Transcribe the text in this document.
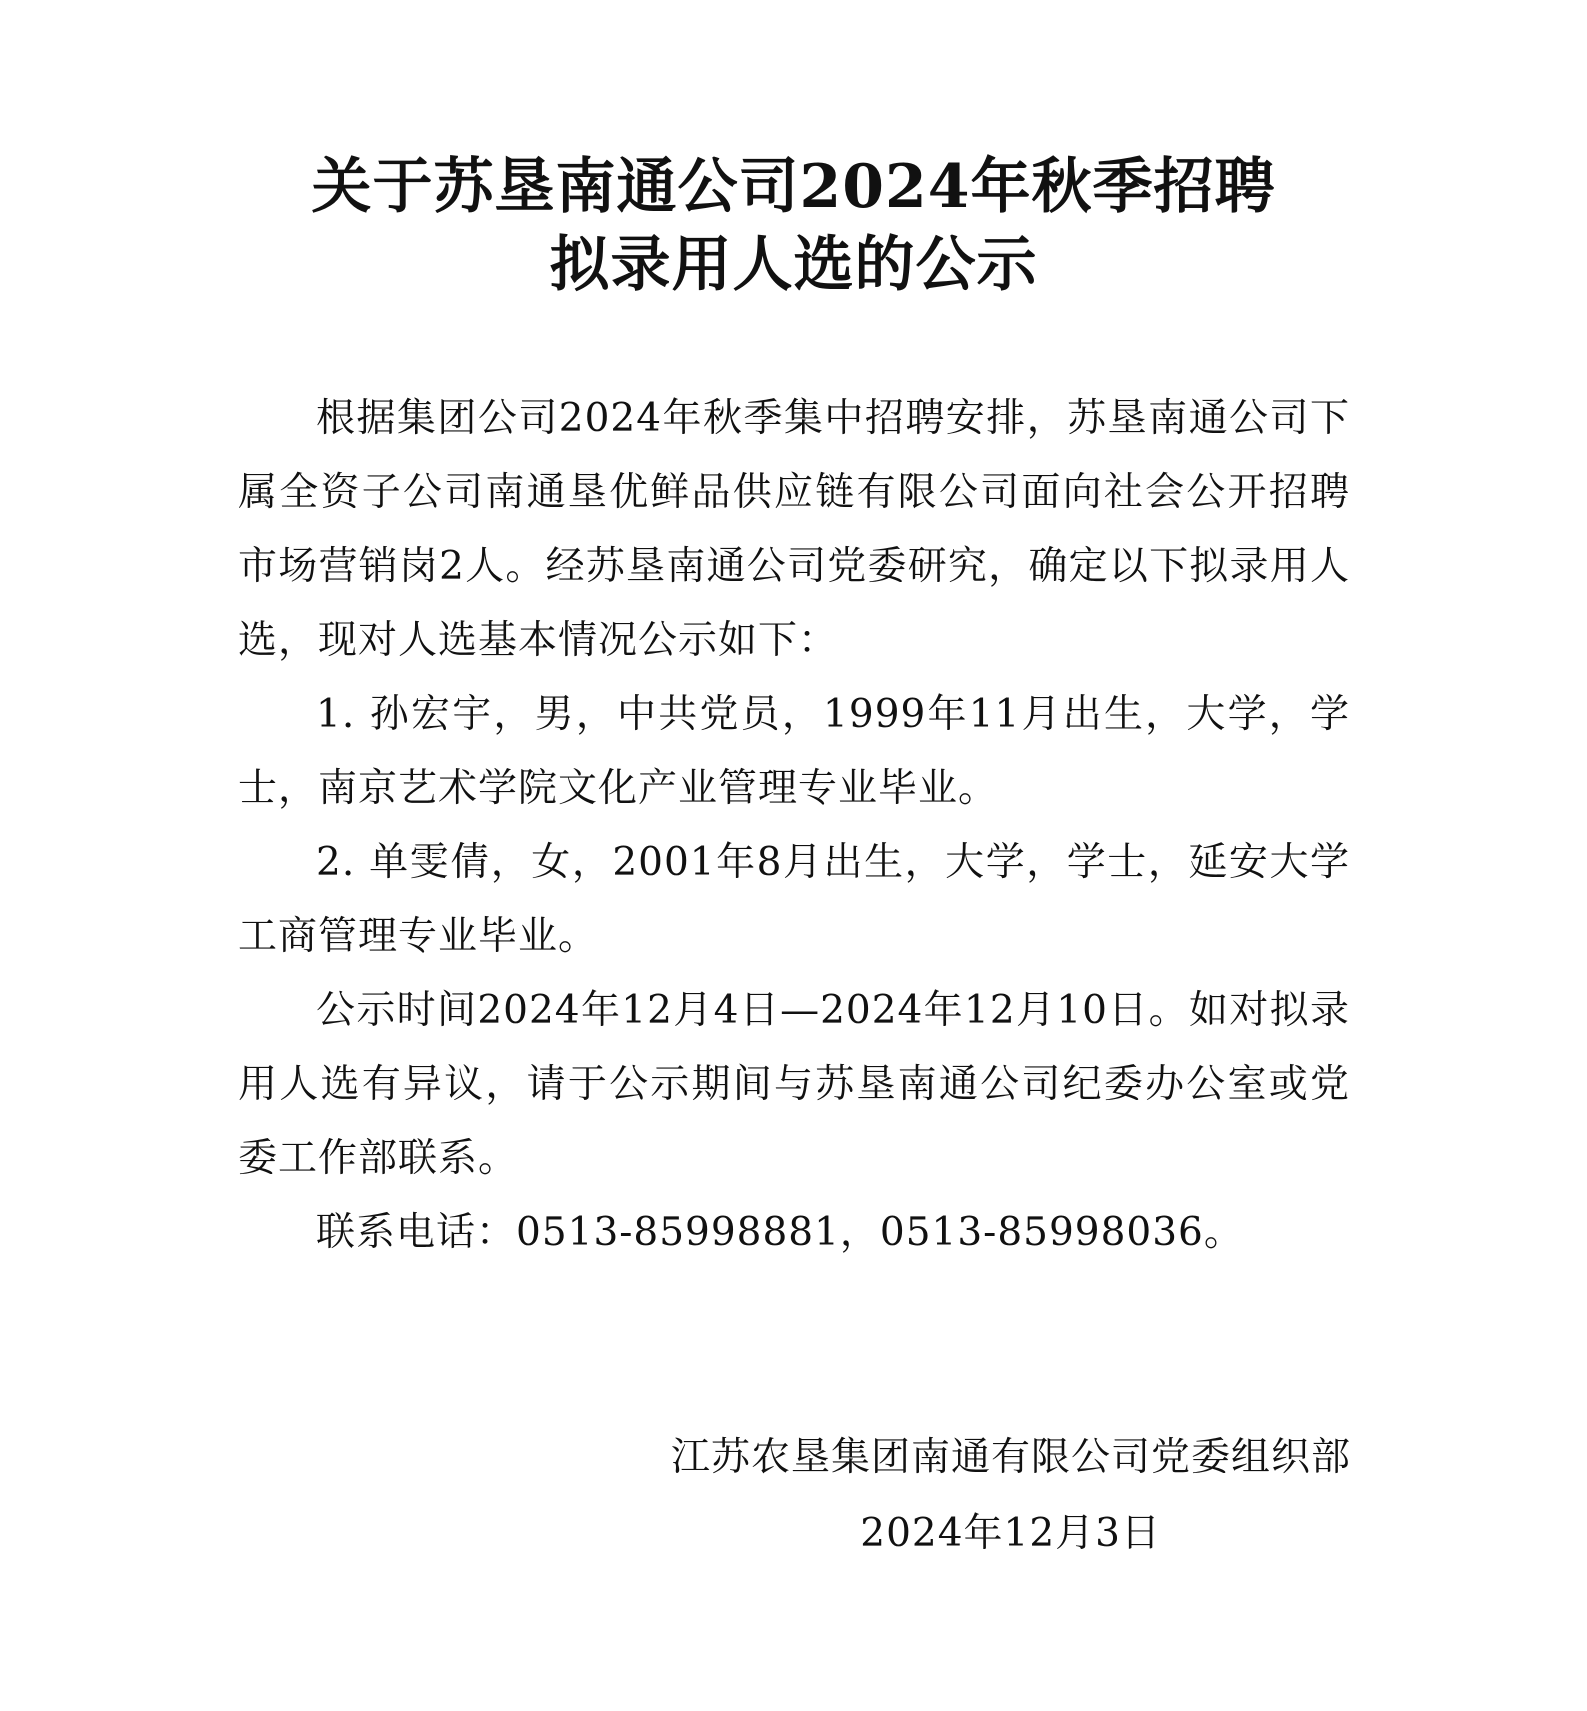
关于苏垦南通公司2024年秋季招聘
拟录用人选的公示

根据集团公司2024年秋季集中招聘安排，苏垦南通公司下属全资子公司南通垦优鲜品供应链有限公司面向社会公开招聘市场营销岗2人。经苏垦南通公司党委研究，确定以下拟录用人选，现对人选基本情况公示如下：

1. 孙宏宇，男，中共党员，1999年11月出生，大学，学士，南京艺术学院文化产业管理专业毕业。

2. 单雯倩，女，2001年8月出生，大学，学士，延安大学工商管理专业毕业。

公示时间2024年12月4日—2024年12月10日。如对拟录用人选有异议，请于公示期间与苏垦南通公司纪委办公室或党委工作部联系。

联系电话：0513-85998881，0513-85998036。

江苏农垦集团南通有限公司党委组织部
2024年12月3日
